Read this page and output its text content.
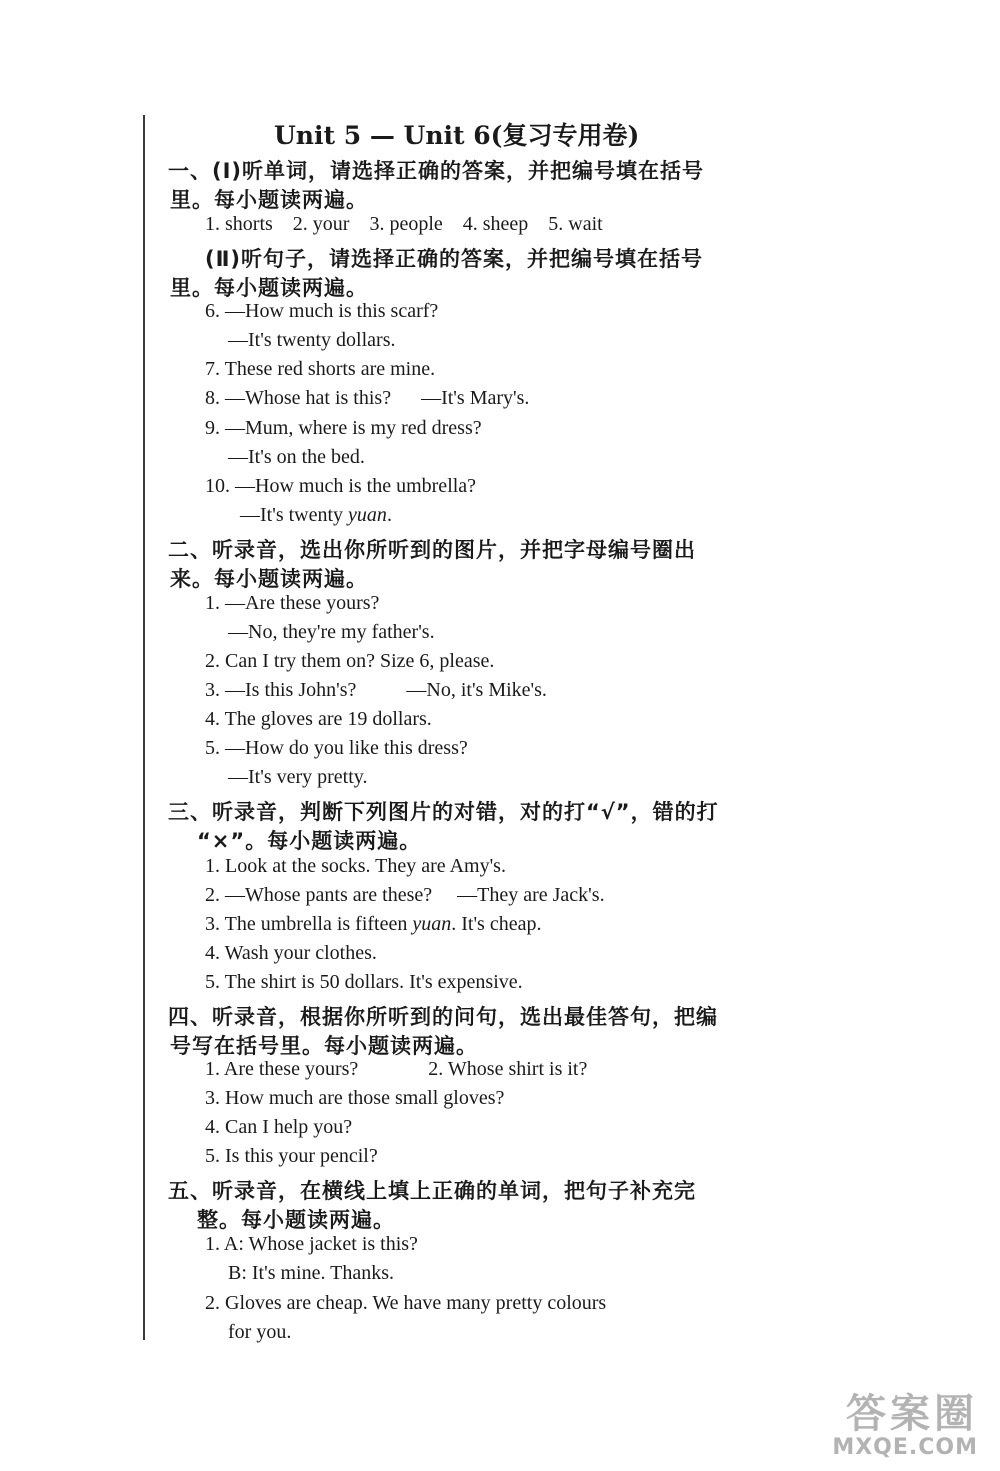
Unit 5 — Unit 6(复习专用卷)
一、(Ⅰ)听单词，请选择正确的答案，并把编号填在括号
里。每小题读两遍。
1. shorts    2. your    3. people    4. sheep    5. wait
(Ⅱ)听句子，请选择正确的答案，并把编号填在括号
里。每小题读两遍。
6. —How much is this scarf?
—It's twenty dollars.
7. These red shorts are mine.
8. —Whose hat is this?      —It's Mary's.
9. —Mum, where is my red dress?
—It's on the bed.
10. —How much is the umbrella?
—It's twenty yuan.
二、听录音，选出你所听到的图片，并把字母编号圈出
来。每小题读两遍。
1. —Are these yours?
—No, they're my father's.
2. Can I try them on? Size 6, please.
3. —Is this John's?          —No, it's Mike's.
4. The gloves are 19 dollars.
5. —How do you like this dress?
—It's very pretty.
三、听录音，判断下列图片的对错，对的打“√”，错的打
“×”。每小题读两遍。
1. Look at the socks. They are Amy's.
2. —Whose pants are these?     —They are Jack's.
3. The umbrella is fifteen yuan. It's cheap.
4. Wash your clothes.
5. The shirt is 50 dollars. It's expensive.
四、听录音，根据你所听到的问句，选出最佳答句，把编
号写在括号里。每小题读两遍。
1. Are these yours?              2. Whose shirt is it?
3. How much are those small gloves?
4. Can I help you?
5. Is this your pencil?
五、听录音，在横线上填上正确的单词，把句子补充完
整。每小题读两遍。
1. A: Whose jacket is this?
B: It's mine. Thanks.
2. Gloves are cheap. We have many pretty colours
for you.
答案圈
MXQE.COM
